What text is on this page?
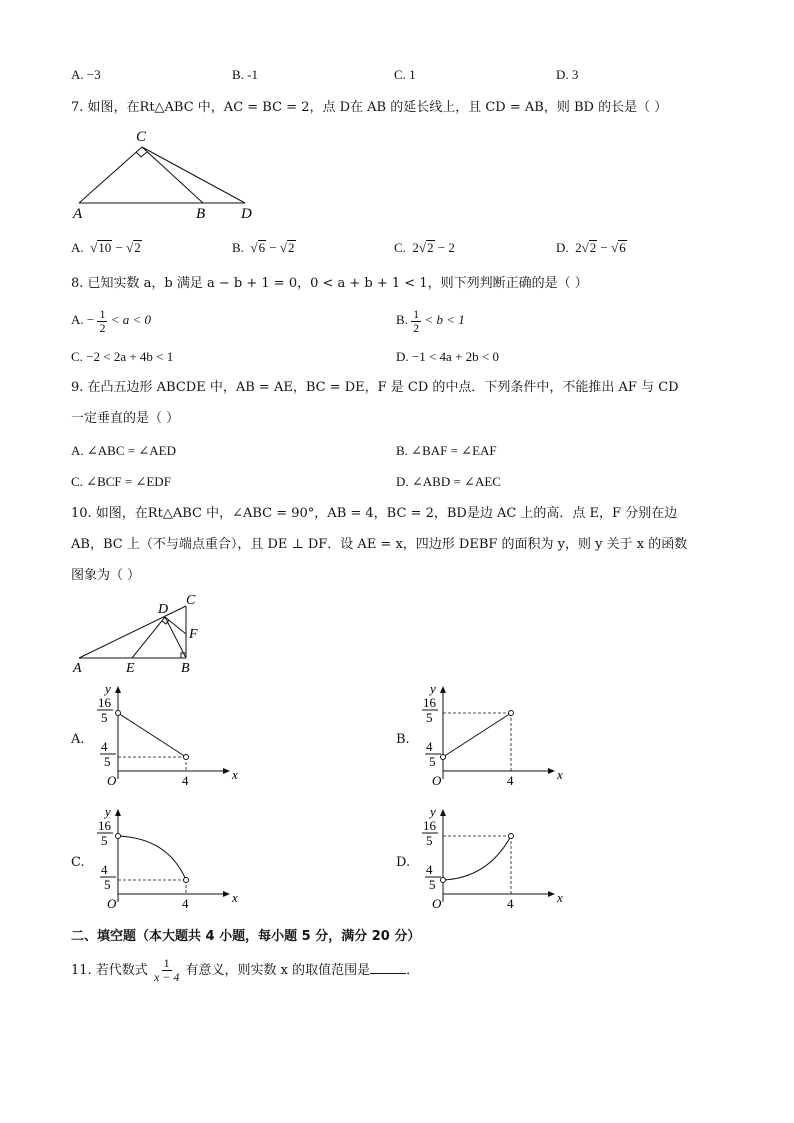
A. −3	B. -1	C. 1	D. 3
7. 如图，在Rt△ABC 中，AC = BC = 2，点 D在 AB 的延长线上，且 CD = AB，则 BD 的长是（ ）
C
A	B D
A. √10 − √2	B. √6 − √2	C. 2√2 − 2	D. 2√2 − √6
8. 已知实数 a，b 满足 a − b + 1 = 0，0 < a + b + 1 < 1，则下列判断正确的是（ ）
A. − $\frac{1}{2} < a < 0$	B. $\frac{1}{2} < b < 1$
C. −2 < 2a + 4b < 1	D. −1 < 4a + 2b < 0
9. 在凸五边形 ABCDE 中，AB = AE，BC = DE，F 是 CD 的中点．下列条件中，不能推出 AF 与 CD
一定垂直的是（ ）
A. ∠ABC = ∠AED	B. ∠BAF = ∠EAF
C. ∠BCF = ∠EDF	D. ∠ABD = ∠AEC
10. 如图，在Rt△ABC 中，∠ABC = 90°，AB = 4，BC = 2，BD是边 AC 上的高．点 E，F 分别在边
AB，BC 上（不与端点重合），且 DE ⊥ DF．设 AE = x，四边形 DEBF 的面积为 y，则 y 关于 x 的函数
图象为（ ）
D
C
F
A	E	B
A.
y
x
O	4
16
5
4
5
B.
y
x
O	4
16
5
4
5
C.
y
x
O	4
16
5
4
5
D.
y
x
O	4
16
5
4
5
二、填空题（本大题共 4 小题，每小题 5 分，满分 20 分）
11. 若代数式 $\frac{1}{x - 4}$ 有意义，则实数 x 的取值范围是	．
